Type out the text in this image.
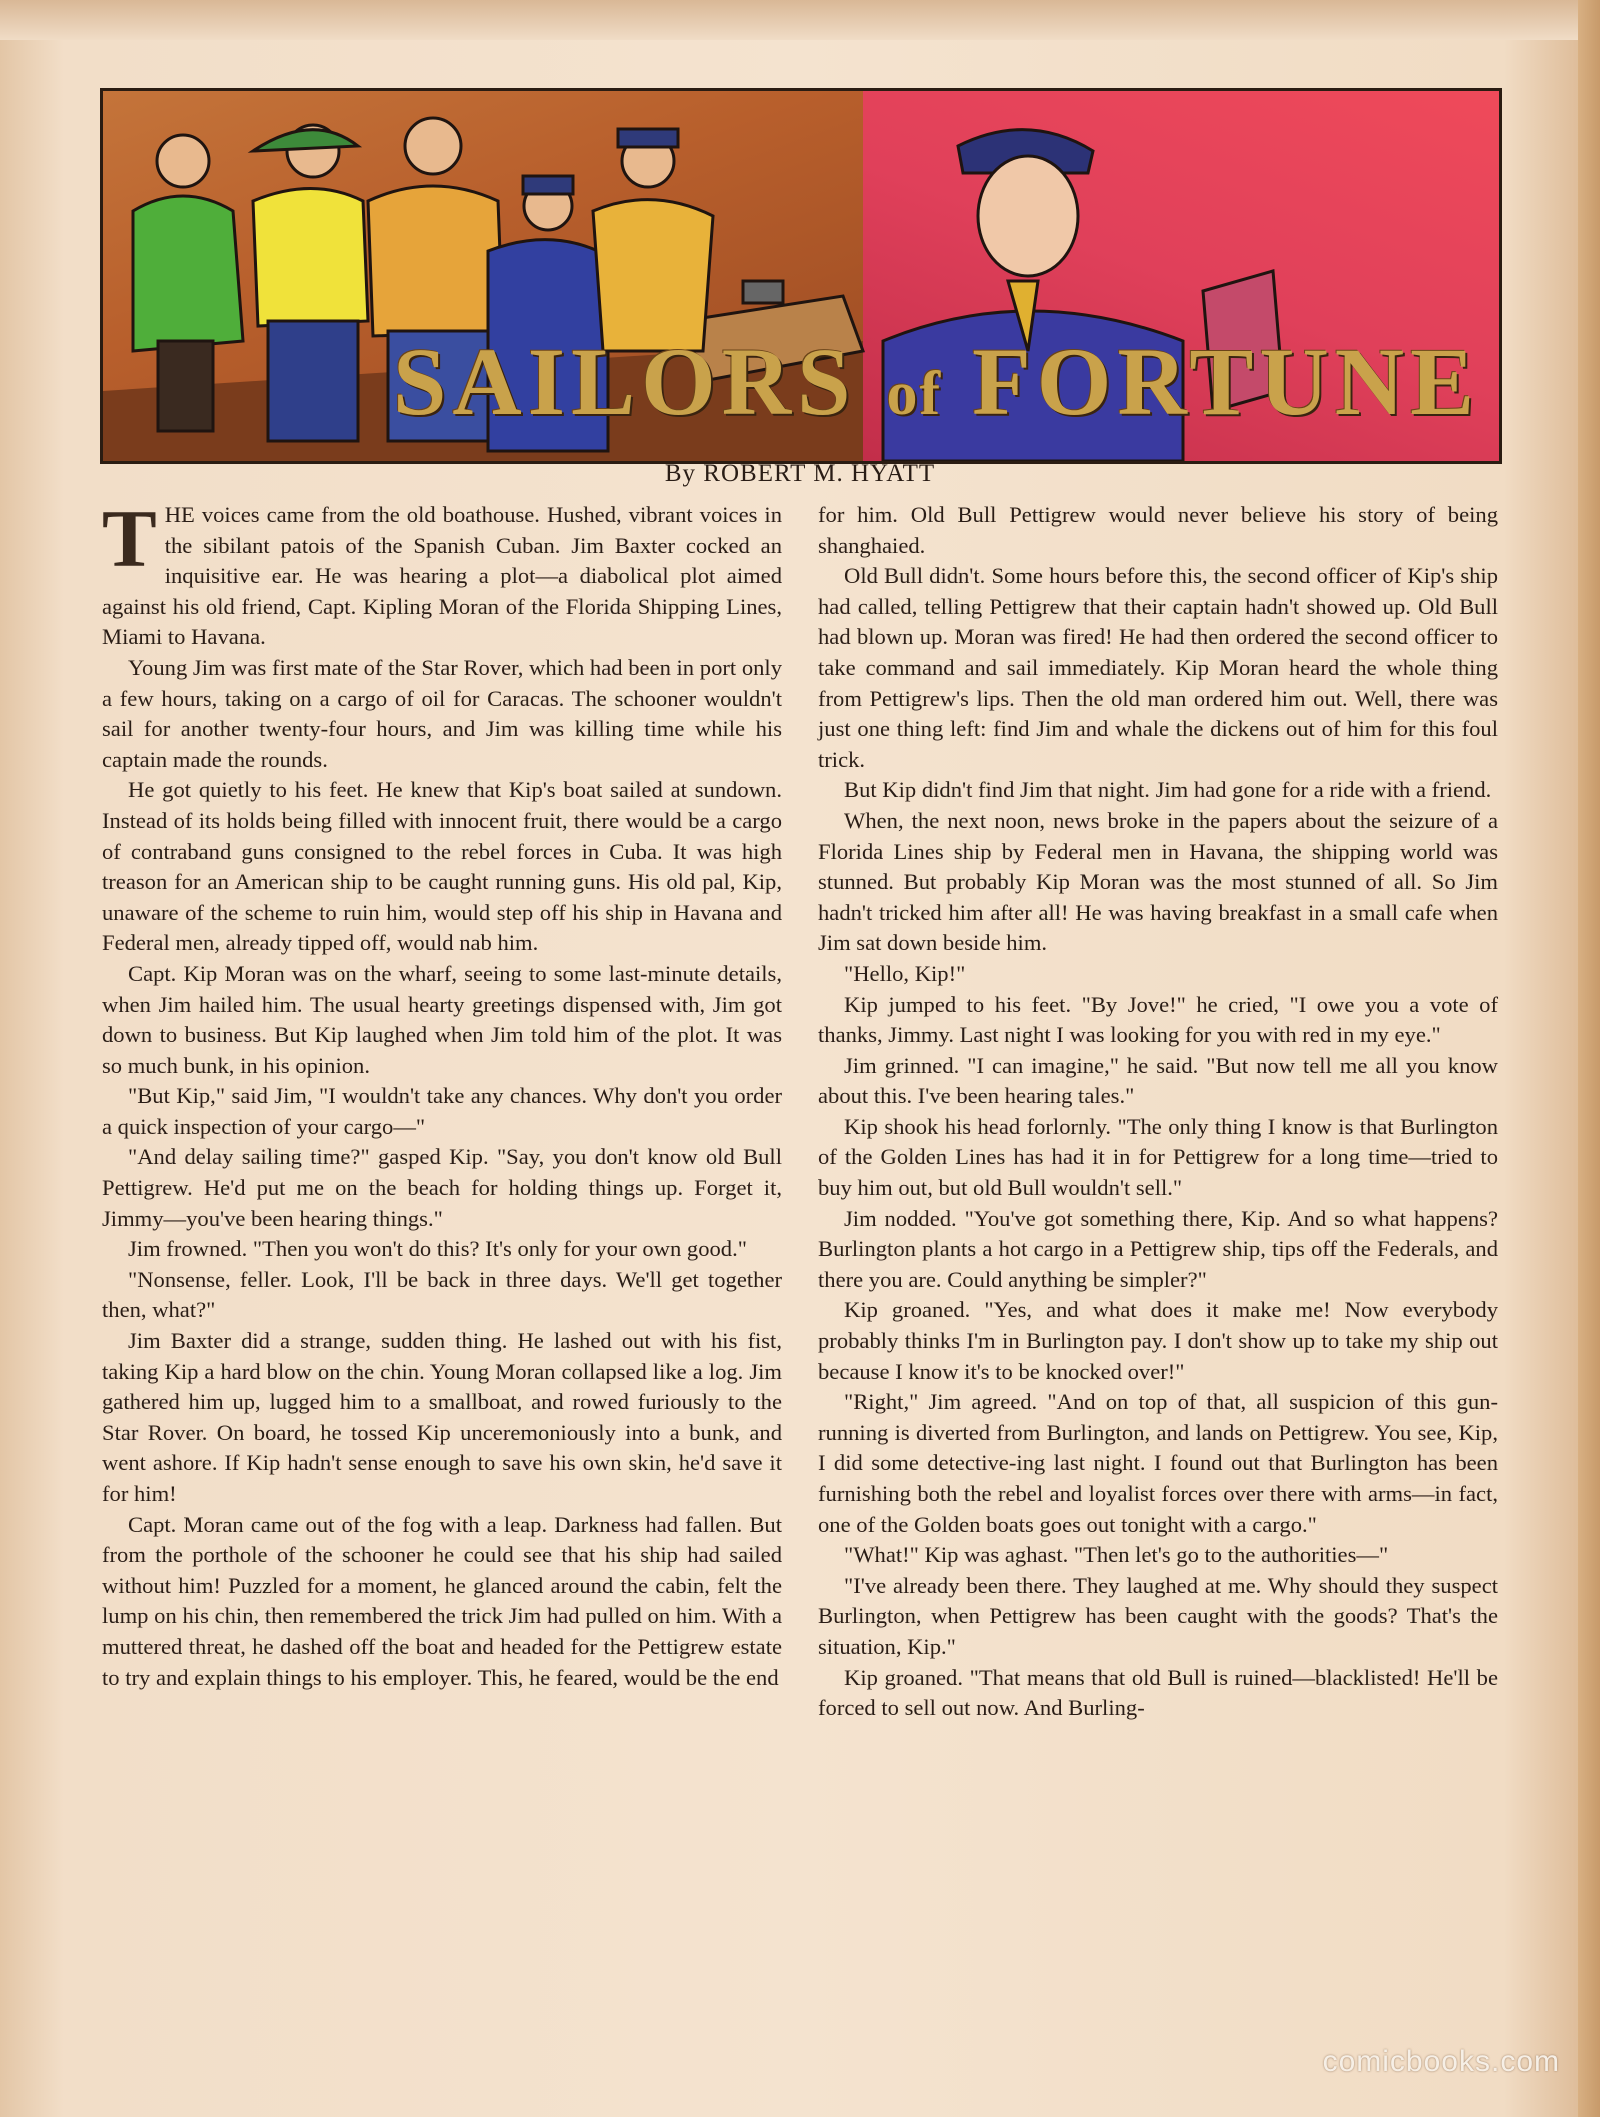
SAILORS of FORTUNE
By ROBERT M. HYATT

THE voices came from the old boathouse. Hushed, vibrant voices in the sibilant patois of the Spanish Cuban. Jim Baxter cocked an inquisitive ear. He was hearing a plot—a diabolical plot aimed against his old friend, Capt. Kipling Moran of the Florida Shipping Lines, Miami to Havana.

Young Jim was first mate of the Star Rover, which had been in port only a few hours, taking on a cargo of oil for Caracas. The schooner wouldn't sail for another twenty-four hours, and Jim was killing time while his captain made the rounds.

He got quietly to his feet. He knew that Kip's boat sailed at sundown. Instead of its holds being filled with innocent fruit, there would be a cargo of contraband guns consigned to the rebel forces in Cuba. It was high treason for an American ship to be caught running guns. His old pal, Kip, unaware of the scheme to ruin him, would step off his ship in Havana and Federal men, already tipped off, would nab him.

Capt. Kip Moran was on the wharf, seeing to some last-minute details, when Jim hailed him. The usual hearty greetings dispensed with, Jim got down to business. But Kip laughed when Jim told him of the plot. It was so much bunk, in his opinion.

"But Kip," said Jim, "I wouldn't take any chances. Why don't you order a quick inspection of your cargo—"

"And delay sailing time?" gasped Kip. "Say, you don't know old Bull Pettigrew. He'd put me on the beach for holding things up. Forget it, Jimmy—you've been hearing things."

Jim frowned. "Then you won't do this? It's only for your own good."

"Nonsense, feller. Look, I'll be back in three days. We'll get together then, what?"

Jim Baxter did a strange, sudden thing. He lashed out with his fist, taking Kip a hard blow on the chin. Young Moran collapsed like a log. Jim gathered him up, lugged him to a smallboat, and rowed furiously to the Star Rover. On board, he tossed Kip unceremoniously into a bunk, and went ashore. If Kip hadn't sense enough to save his own skin, he'd save it for him!

Capt. Moran came out of the fog with a leap. Darkness had fallen. But from the porthole of the schooner he could see that his ship had sailed without him! Puzzled for a moment, he glanced around the cabin, felt the lump on his chin, then remembered the trick Jim had pulled on him. With a muttered threat, he dashed off the boat and headed for the Pettigrew estate to try and explain things to his employer. This, he feared, would be the end

for him. Old Bull Pettigrew would never believe his story of being shanghaied.

Old Bull didn't. Some hours before this, the second officer of Kip's ship had called, telling Pettigrew that their captain hadn't showed up. Old Bull had blown up. Moran was fired! He had then ordered the second officer to take command and sail immediately. Kip Moran heard the whole thing from Pettigrew's lips. Then the old man ordered him out. Well, there was just one thing left: find Jim and whale the dickens out of him for this foul trick.

But Kip didn't find Jim that night. Jim had gone for a ride with a friend.

When, the next noon, news broke in the papers about the seizure of a Florida Lines ship by Federal men in Havana, the shipping world was stunned. But probably Kip Moran was the most stunned of all. So Jim hadn't tricked him after all! He was having breakfast in a small cafe when Jim sat down beside him.

"Hello, Kip!"

Kip jumped to his feet. "By Jove!" he cried, "I owe you a vote of thanks, Jimmy. Last night I was looking for you with red in my eye."

Jim grinned. "I can imagine," he said. "But now tell me all you know about this. I've been hearing tales."

Kip shook his head forlornly. "The only thing I know is that Burlington of the Golden Lines has had it in for Pettigrew for a long time—tried to buy him out, but old Bull wouldn't sell."

Jim nodded. "You've got something there, Kip. And so what happens? Burlington plants a hot cargo in a Pettigrew ship, tips off the Federals, and there you are. Could anything be simpler?"

Kip groaned. "Yes, and what does it make me! Now everybody probably thinks I'm in Burlington pay. I don't show up to take my ship out because I know it's to be knocked over!"

"Right," Jim agreed. "And on top of that, all suspicion of this gun-running is diverted from Burlington, and lands on Pettigrew. You see, Kip, I did some detective-ing last night. I found out that Burlington has been furnishing both the rebel and loyalist forces over there with arms—in fact, one of the Golden boats goes out tonight with a cargo."

"What!" Kip was aghast. "Then let's go to the authorities—"

"I've already been there. They laughed at me. Why should they suspect Burlington, when Pettigrew has been caught with the goods? That's the situation, Kip."

Kip groaned. "That means that old Bull is ruined—blacklisted! He'll be forced to sell out now. And Burling-

comicbooks.com
